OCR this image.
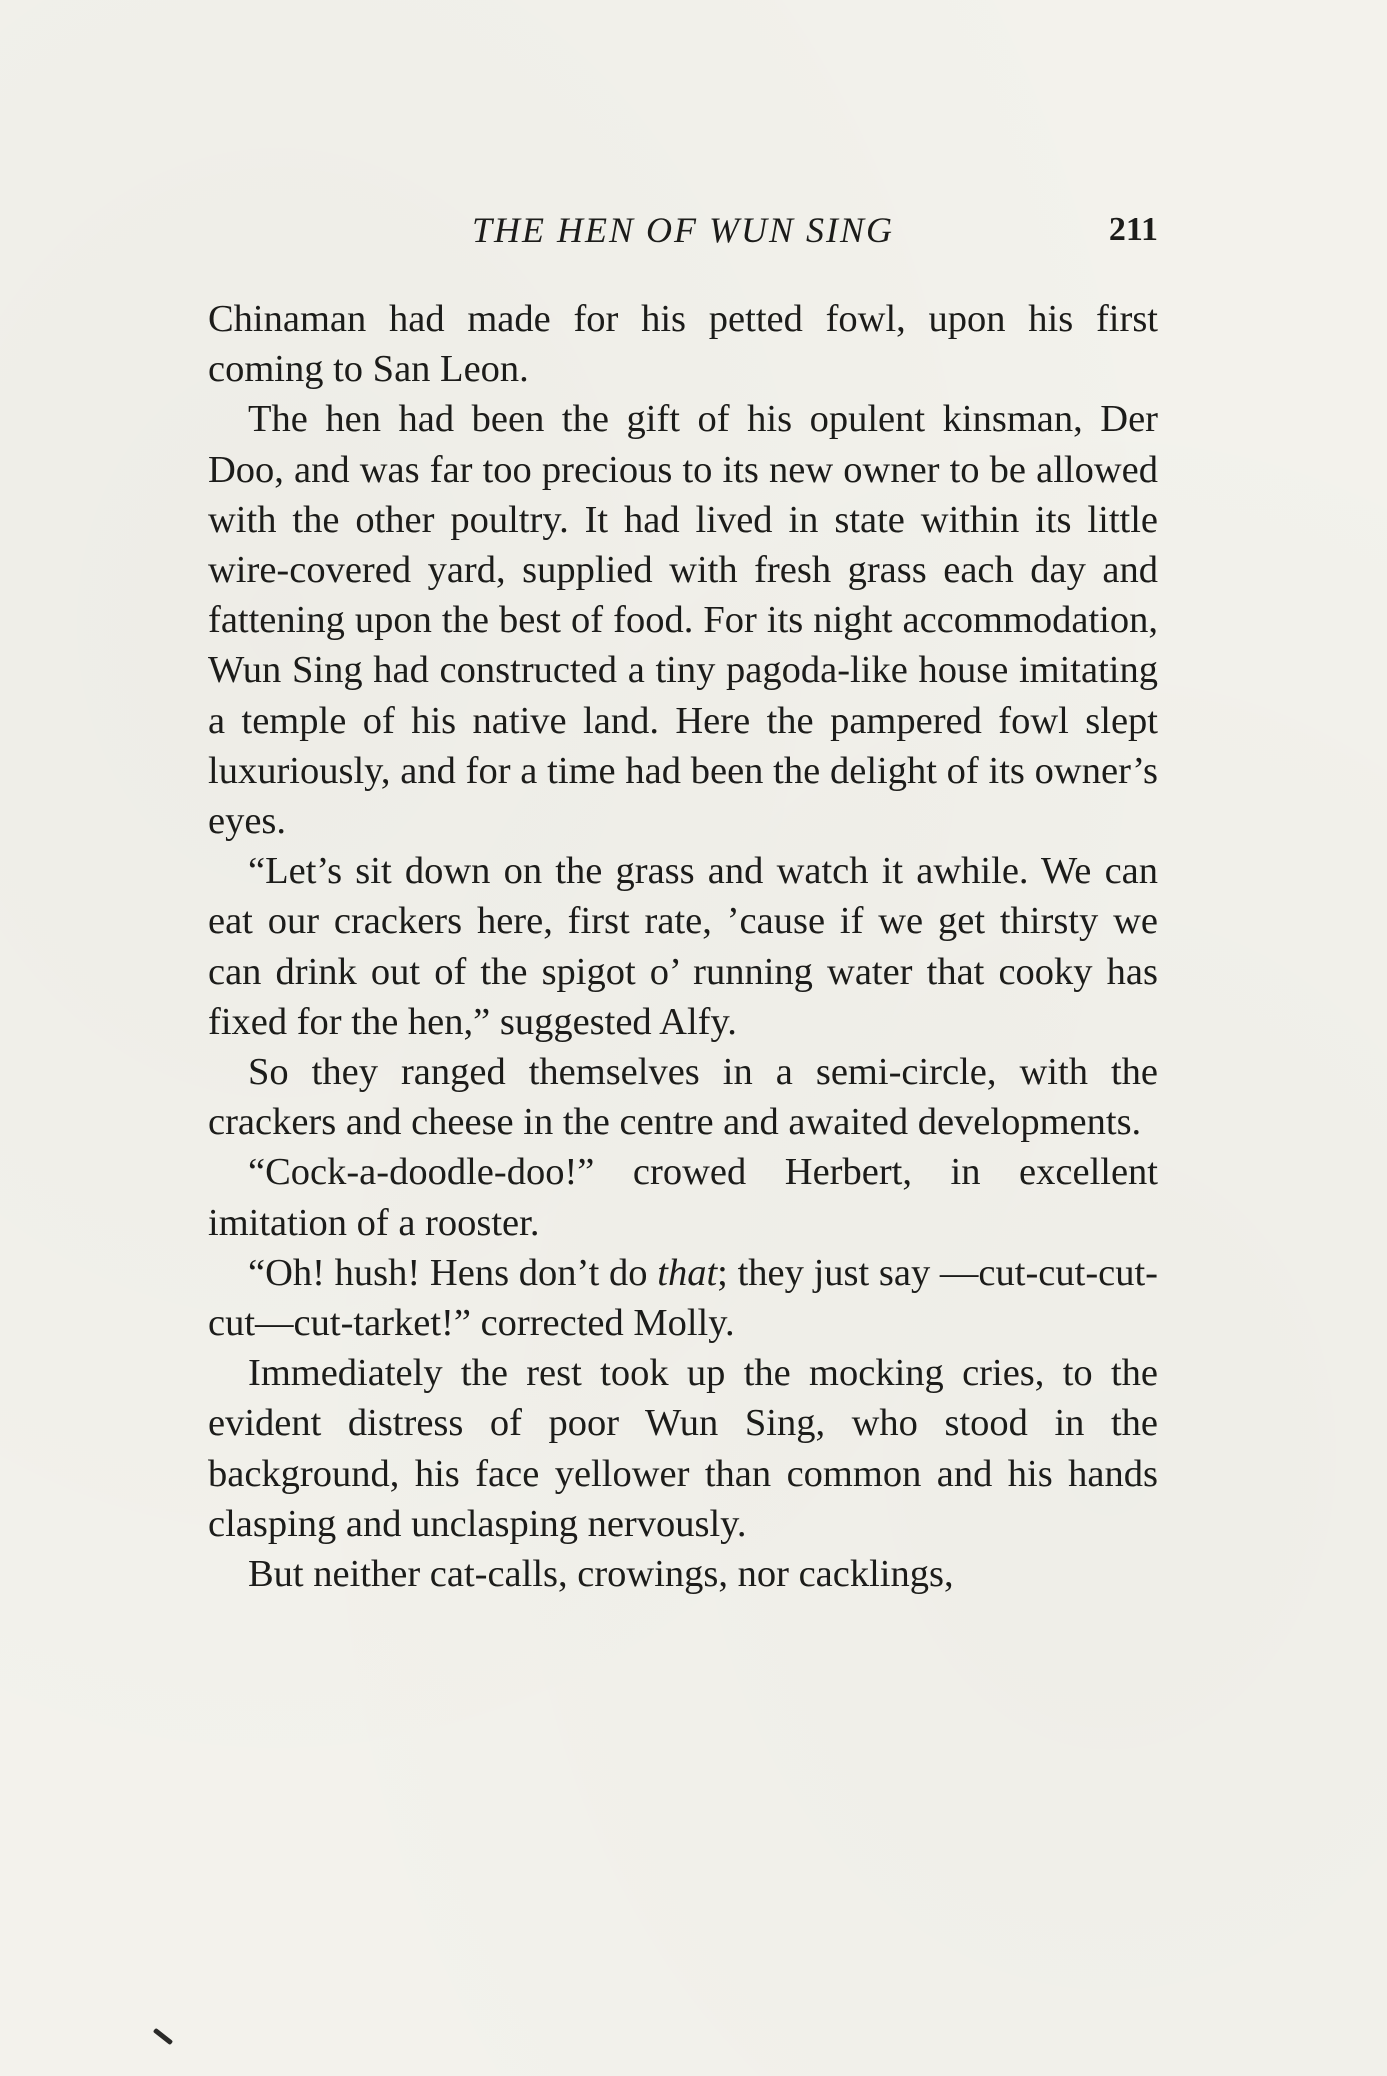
THE HEN OF WUN SING	211

Chinaman had made for his petted fowl, upon his first coming to San Leon.

The hen had been the gift of his opulent kinsman, Der Doo, and was far too precious to its new owner to be allowed with the other poultry. It had lived in state within its little wire-covered yard, supplied with fresh grass each day and fattening upon the best of food. For its night accommodation, Wun Sing had constructed a tiny pagoda-like house imitating a temple of his native land. Here the pampered fowl slept luxuriously, and for a time had been the delight of its owner’s eyes.

“Let’s sit down on the grass and watch it awhile. We can eat our crackers here, first rate, ’cause if we get thirsty we can drink out of the spigot o’ running water that cooky has fixed for the hen,” suggested Alfy.

So they ranged themselves in a semi-circle, with the crackers and cheese in the centre and awaited developments.

“Cock-a-doodle-doo!” crowed Herbert, in excellent imitation of a rooster.

“Oh! hush! Hens don’t do that; they just say —cut-cut-cut-cut—cut-tarket!” corrected Molly.

Immediately the rest took up the mocking cries, to the evident distress of poor Wun Sing, who stood in the background, his face yellower than common and his hands clasping and unclasping nervously.

But neither cat-calls, crowings, nor cacklings,
